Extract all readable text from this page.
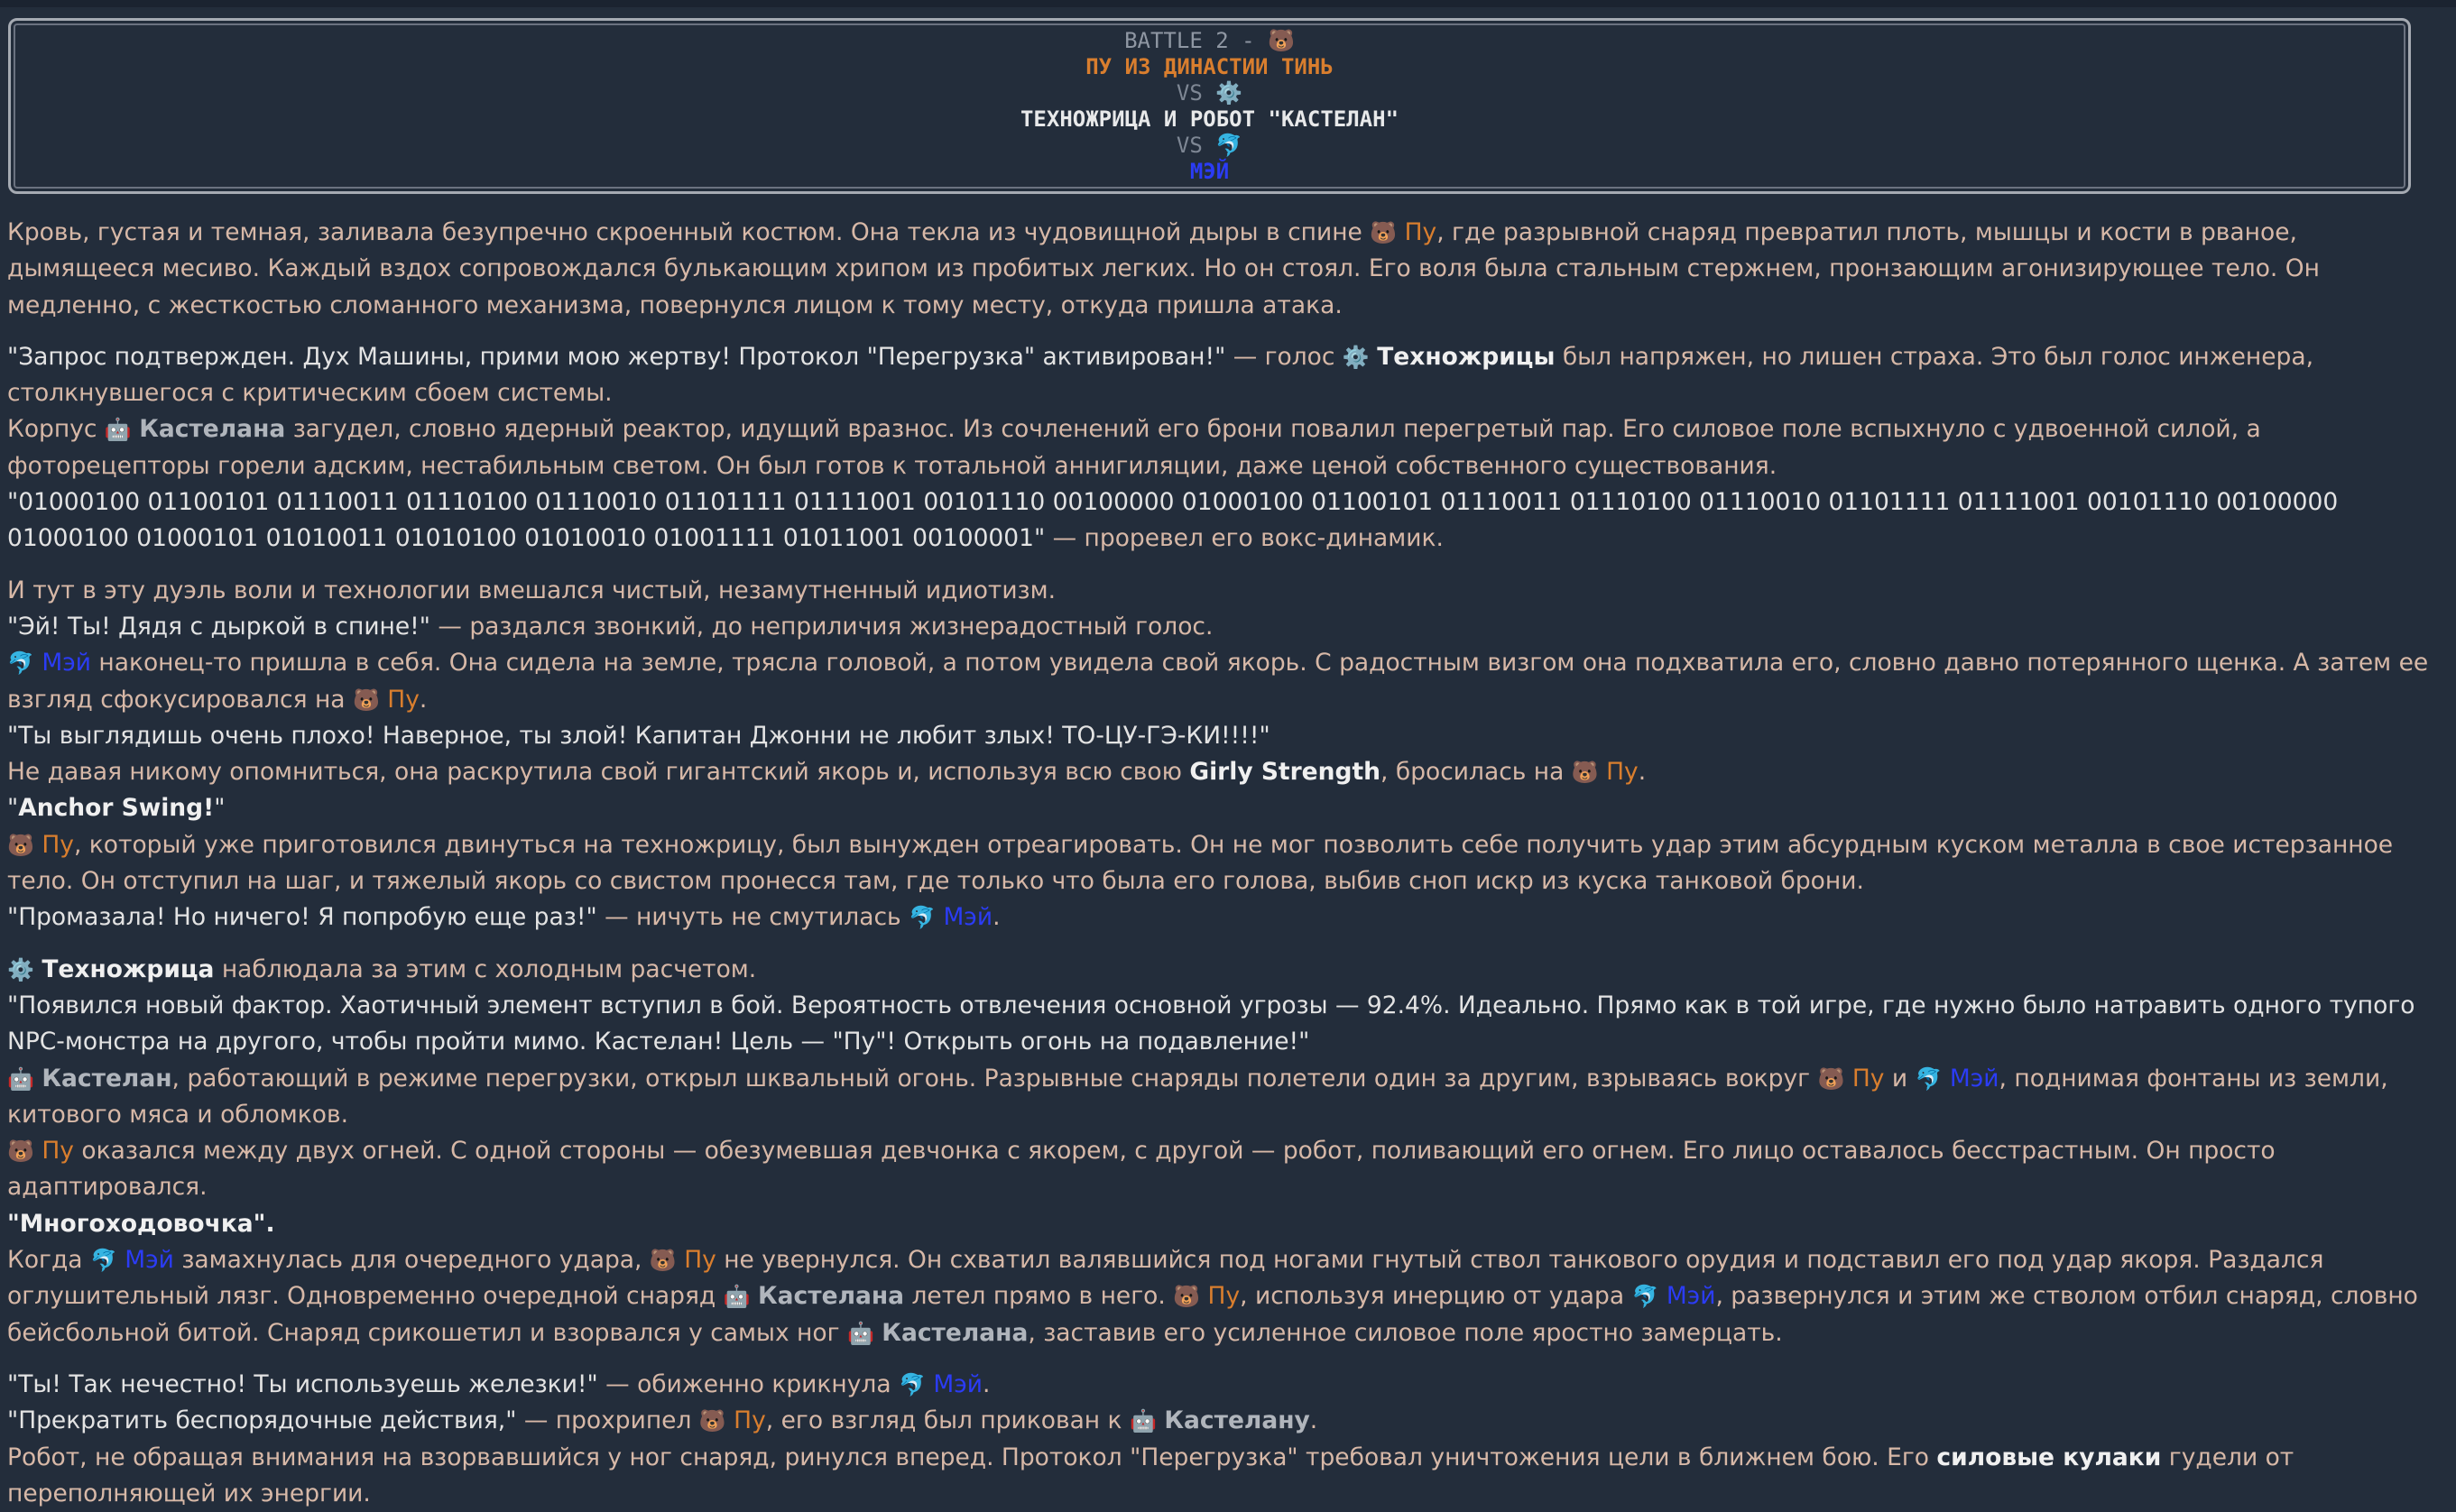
BATTLE 2 - 🐻
ПУ ИЗ ДИНАСТИИ ТИНЬ
VS ⚙️
ТЕХНОЖРИЦА И РОБОТ "КАСТЕЛАН"
VS 🐬
МЭЙ

Кровь, густая и темная, заливала безупречно скроенный костюм. Она текла из чудовищной дыры в спине 🐻 Пу, где разрывной снаряд превратил плоть, мышцы и кости в рваное, дымящееся месиво. Каждый вздох сопровождался булькающим хрипом из пробитых легких. Но он стоял. Его воля была стальным стержнем, пронзающим агонизирующее тело. Он медленно, с жесткостью сломанного механизма, повернулся лицом к тому месту, откуда пришла атака.

"Запрос подтвержден. Дух Машины, прими мою жертву! Протокол "Перегрузка" активирован!" — голос ⚙️ Техножрицы был напряжен, но лишен страха. Это был голос инженера, столкнувшегося с критическим сбоем системы.

Корпус 🤖 Кастелана загудел, словно ядерный реактор, идущий вразнос. Из сочленений его брони повалил перегретый пар. Его силовое поле вспыхнуло с удвоенной силой, а фоторецепторы горели адским, нестабильным светом. Он был готов к тотальной аннигиляции, даже ценой собственного существования.

"01000100 01100101 01110011 01110100 01110010 01101111 01111001 00101110 00100000 01000100 01100101 01110011 01110100 01110010 01101111 01111001 00101110 00100000 01000100 01000101 01010011 01010100 01010010 01001111 01011001 00100001" — проревел его вокс-динамик.

И тут в эту дуэль воли и технологии вмешался чистый, незамутненный идиотизм.

"Эй! Ты! Дядя с дыркой в спине!" — раздался звонкий, до неприличия жизнерадостный голос.

🐬 Мэй наконец-то пришла в себя. Она сидела на земле, трясла головой, а потом увидела свой якорь. С радостным визгом она подхватила его, словно давно потерянного щенка. А затем ее взгляд сфокусировался на 🐻 Пу.

"Ты выглядишь очень плохо! Наверное, ты злой! Капитан Джонни не любит злых! ТО-ЦУ-ГЭ-КИ!!!!"

Не давая никому опомниться, она раскрутила свой гигантский якорь и, используя всю свою Girly Strength, бросилась на 🐻 Пу.

"Anchor Swing!"

🐻 Пу, который уже приготовился двинуться на техножрицу, был вынужден отреагировать. Он не мог позволить себе получить удар этим абсурдным куском металла в свое истерзанное тело. Он отступил на шаг, и тяжелый якорь со свистом пронесся там, где только что была его голова, выбив сноп искр из куска танковой брони.

"Промазала! Но ничего! Я попробую еще раз!" — ничуть не смутилась 🐬 Мэй.

⚙️ Техножрица наблюдала за этим с холодным расчетом.

"Появился новый фактор. Хаотичный элемент вступил в бой. Вероятность отвлечения основной угрозы — 92.4%. Идеально. Прямо как в той игре, где нужно было натравить одного тупого NPC-монстра на другого, чтобы пройти мимо. Кастелан! Цель — "Пу"! Открыть огонь на подавление!"

🤖 Кастелан, работающий в режиме перегрузки, открыл шквальный огонь. Разрывные снаряды полетели один за другим, взрываясь вокруг 🐻 Пу и 🐬 Мэй, поднимая фонтаны из земли, китового мяса и обломков.

🐻 Пу оказался между двух огней. С одной стороны — обезумевшая девчонка с якорем, с другой — робот, поливающий его огнем. Его лицо оставалось бесстрастным. Он просто адаптировался.

"Многоходовочка".

Когда 🐬 Мэй замахнулась для очередного удара, 🐻 Пу не увернулся. Он схватил валявшийся под ногами гнутый ствол танкового орудия и подставил его под удар якоря. Раздался оглушительный лязг. Одновременно очередной снаряд 🤖 Кастелана летел прямо в него. 🐻 Пу, используя инерцию от удара 🐬 Мэй, развернулся и этим же стволом отбил снаряд, словно бейсбольной битой. Снаряд срикошетил и взорвался у самых ног 🤖 Кастелана, заставив его усиленное силовое поле яростно замерцать.

"Ты! Так нечестно! Ты используешь железки!" — обиженно крикнула 🐬 Мэй.

"Прекратить беспорядочные действия," — прохрипел 🐻 Пу, его взгляд был прикован к 🤖 Кастелану.

Робот, не обращая внимания на взорвавшийся у ног снаряд, ринулся вперед. Протокол "Перегрузка" требовал уничтожения цели в ближнем бою. Его силовые кулаки гудели от переполняющей их энергии.
